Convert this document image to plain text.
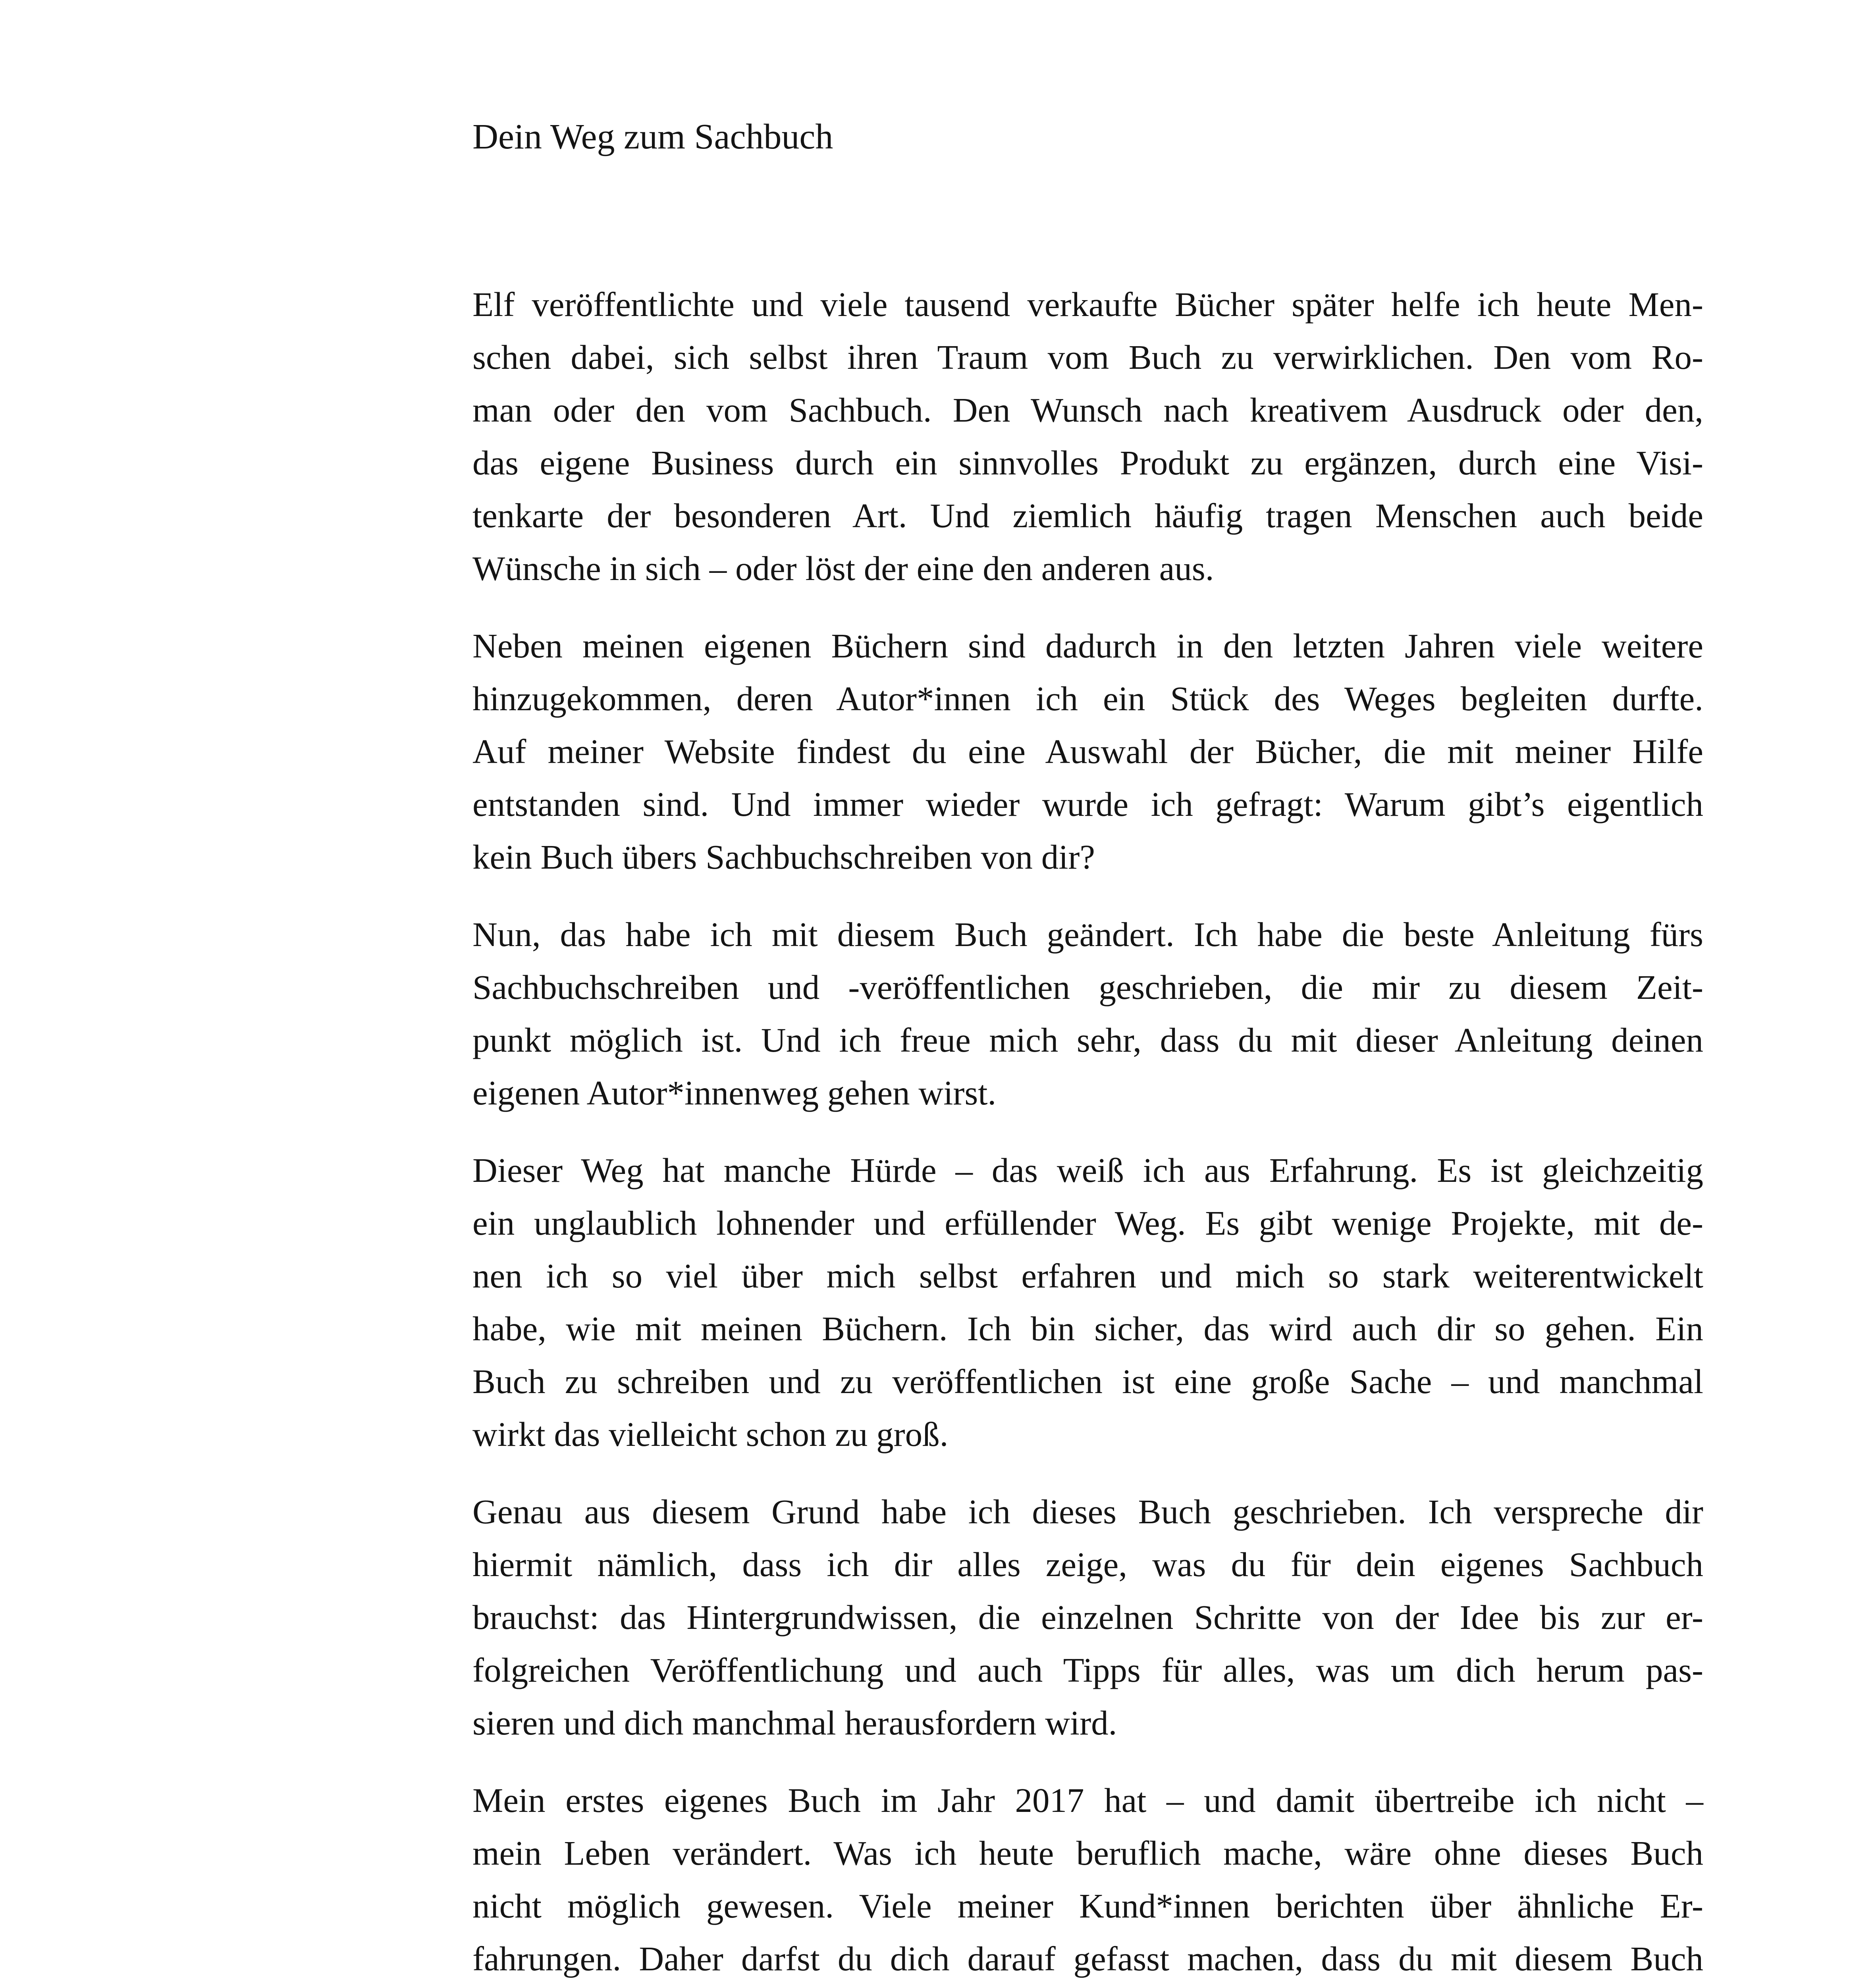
Dein Weg zum Sachbuch

Elf veröffentlichte und viele tausend verkaufte Bücher später helfe ich heute Men-
schen dabei, sich selbst ihren Traum vom Buch zu verwirklichen. Den vom Ro-
man oder den vom Sachbuch. Den Wunsch nach kreativem Ausdruck oder den,
das eigene Business durch ein sinnvolles Produkt zu ergänzen, durch eine Visi-
tenkarte der besonderen Art. Und ziemlich häufig tragen Menschen auch beide
Wünsche in sich – oder löst der eine den anderen aus.

Neben meinen eigenen Büchern sind dadurch in den letzten Jahren viele weitere
hinzugekommen, deren Autor*innen ich ein Stück des Weges begleiten durfte.
Auf meiner Website findest du eine Auswahl der Bücher, die mit meiner Hilfe
entstanden sind. Und immer wieder wurde ich gefragt: Warum gibt’s eigentlich
kein Buch übers Sachbuchschreiben von dir?

Nun, das habe ich mit diesem Buch geändert. Ich habe die beste Anleitung fürs
Sachbuchschreiben und -veröffentlichen geschrieben, die mir zu diesem Zeit-
punkt möglich ist. Und ich freue mich sehr, dass du mit dieser Anleitung deinen
eigenen Autor*innenweg gehen wirst.

Dieser Weg hat manche Hürde – das weiß ich aus Erfahrung. Es ist gleichzeitig
ein unglaublich lohnender und erfüllender Weg. Es gibt wenige Projekte, mit de-
nen ich so viel über mich selbst erfahren und mich so stark weiterentwickelt
habe, wie mit meinen Büchern. Ich bin sicher, das wird auch dir so gehen. Ein
Buch zu schreiben und zu veröffentlichen ist eine große Sache – und manchmal
wirkt das vielleicht schon zu groß.

Genau aus diesem Grund habe ich dieses Buch geschrieben. Ich verspreche dir
hiermit nämlich, dass ich dir alles zeige, was du für dein eigenes Sachbuch
brauchst: das Hintergrundwissen, die einzelnen Schritte von der Idee bis zur er-
folgreichen Veröffentlichung und auch Tipps für alles, was um dich herum pas-
sieren und dich manchmal herausfordern wird.

Mein erstes eigenes Buch im Jahr 2017 hat – und damit übertreibe ich nicht –
mein Leben verändert. Was ich heute beruflich mache, wäre ohne dieses Buch
nicht möglich gewesen. Viele meiner Kund*innen berichten über ähnliche Er-
fahrungen. Daher darfst du dich darauf gefasst machen, dass du mit diesem Buch
